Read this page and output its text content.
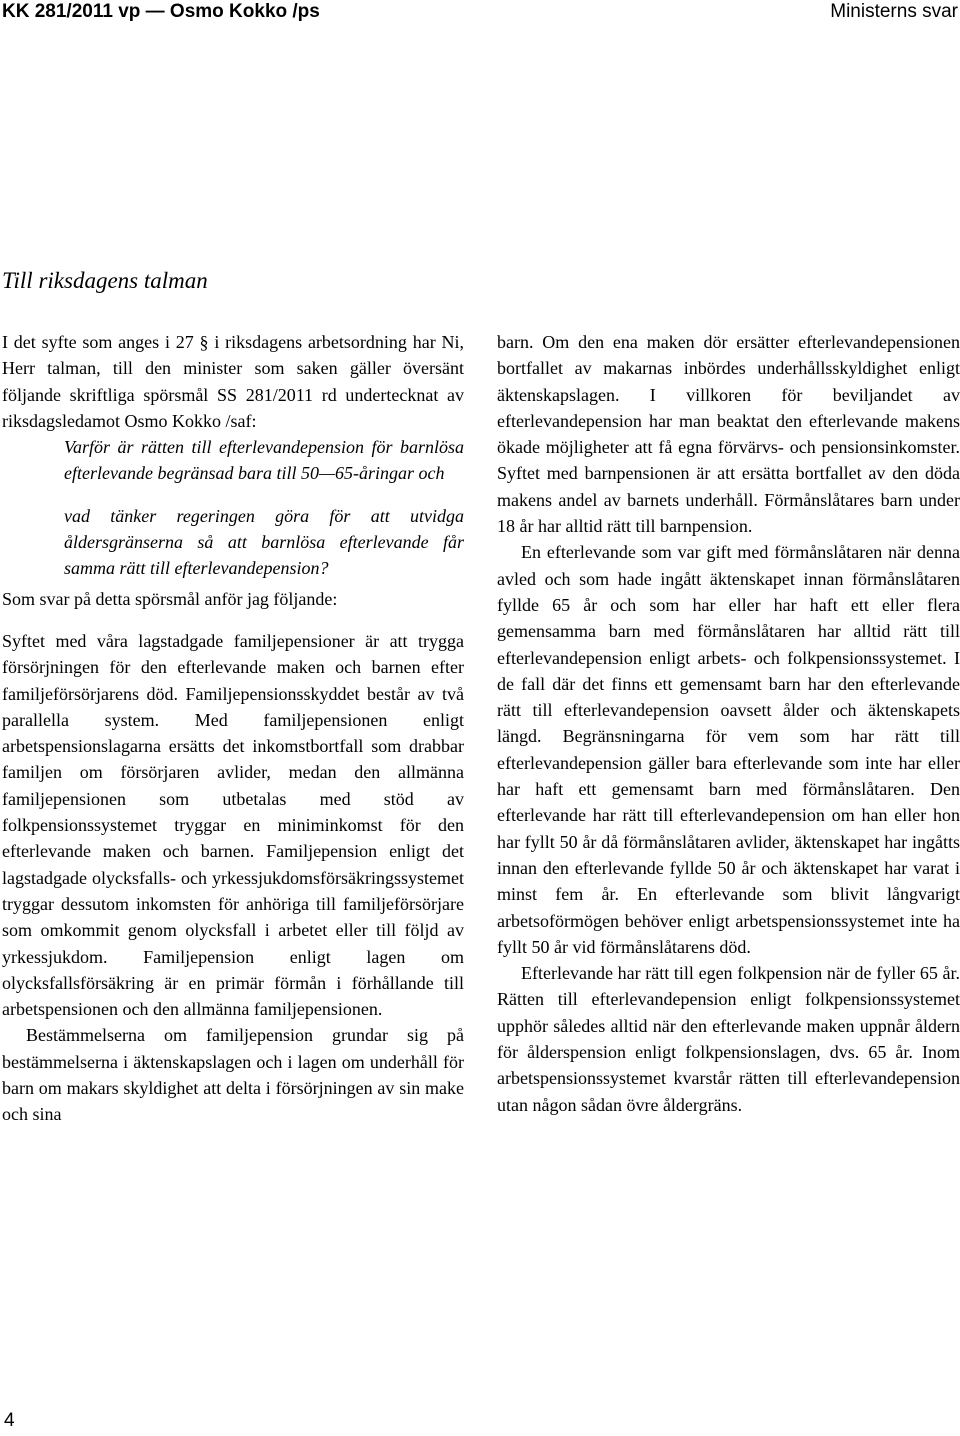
KK 281/2011 vp — Osmo Kokko /ps	Ministerns svar
Till riksdagens talman

I det syfte som anges i 27 § i riksdagens arbetsordning har Ni, Herr talman, till den minister som saken gäller översänt följande skriftliga spörsmål SS 281/2011 rd undertecknat av riksdagsledamot Osmo Kokko /saf:

Varför är rätten till efterlevandepension för barnlösa efterlevande begränsad bara till 50—65-åringar och

vad tänker regeringen göra för att utvidga åldersgränserna så att barnlösa efterlevande får samma rätt till efterlevandepension?

Som svar på detta spörsmål anför jag följande:

Syftet med våra lagstadgade familjepensioner är att trygga försörjningen för den efterlevande maken och barnen efter familjeförsörjarens död. Familjepensionsskyddet består av två parallella system. Med familjepensionen enligt arbetspensionslagarna ersätts det inkomstbortfall som drabbar familjen om försörjaren avlider, medan den allmänna familjepensionen som utbetalas med stöd av folkpensionssystemet tryggar en miniminkomst för den efterlevande maken och barnen. Familjepension enligt det lagstadgade olycksfalls- och yrkessjukdomsförsäkringssystemet tryggar dessutom inkomsten för anhöriga till familjeförsörjare som omkommit genom olycksfall i arbetet eller till följd av yrkessjukdom. Familjepension enligt lagen om olycksfallsförsäkring är en primär förmån i förhållande till arbetspensionen och den allmänna familjepensionen.

Bestämmelserna om familjepension grundar sig på bestämmelserna i äktenskapslagen och i lagen om underhåll för barn om makars skyldighet att delta i försörjningen av sin make och sina

barn. Om den ena maken dör ersätter efterlevandepensionen bortfallet av makarnas inbördes underhållsskyldighet enligt äktenskapslagen. I villkoren för beviljandet av efterlevandepension har man beaktat den efterlevande makens ökade möjligheter att få egna förvärvs- och pensionsinkomster. Syftet med barnpensionen är att ersätta bortfallet av den döda makens andel av barnets underhåll. Förmånslåtares barn under 18 år har alltid rätt till barnpension.

En efterlevande som var gift med förmånslåtaren när denna avled och som hade ingått äktenskapet innan förmånslåtaren fyllde 65 år och som har eller har haft ett eller flera gemensamma barn med förmånslåtaren har alltid rätt till efterlevandepension enligt arbets- och folkpensionssystemet. I de fall där det finns ett gemensamt barn har den efterlevande rätt till efterlevandepension oavsett ålder och äktenskapets längd. Begränsningarna för vem som har rätt till efterlevandepension gäller bara efterlevande som inte har eller har haft ett gemensamt barn med förmånslåtaren. Den efterlevande har rätt till efterlevandepension om han eller hon har fyllt 50 år då förmånslåtaren avlider, äktenskapet har ingåtts innan den efterlevande fyllde 50 år och äktenskapet har varat i minst fem år. En efterlevande som blivit långvarigt arbetsoförmögen behöver enligt arbetspensionssystemet inte ha fyllt 50 år vid förmånslåtarens död.

Efterlevande har rätt till egen folkpension när de fyller 65 år. Rätten till efterlevandepension enligt folkpensionssystemet upphör således alltid när den efterlevande maken uppnår åldern för ålderspension enligt folkpensionslagen, dvs. 65 år. Inom arbetspensionssystemet kvarstår rätten till efterlevandepension utan någon sådan övre åldergräns.

4
